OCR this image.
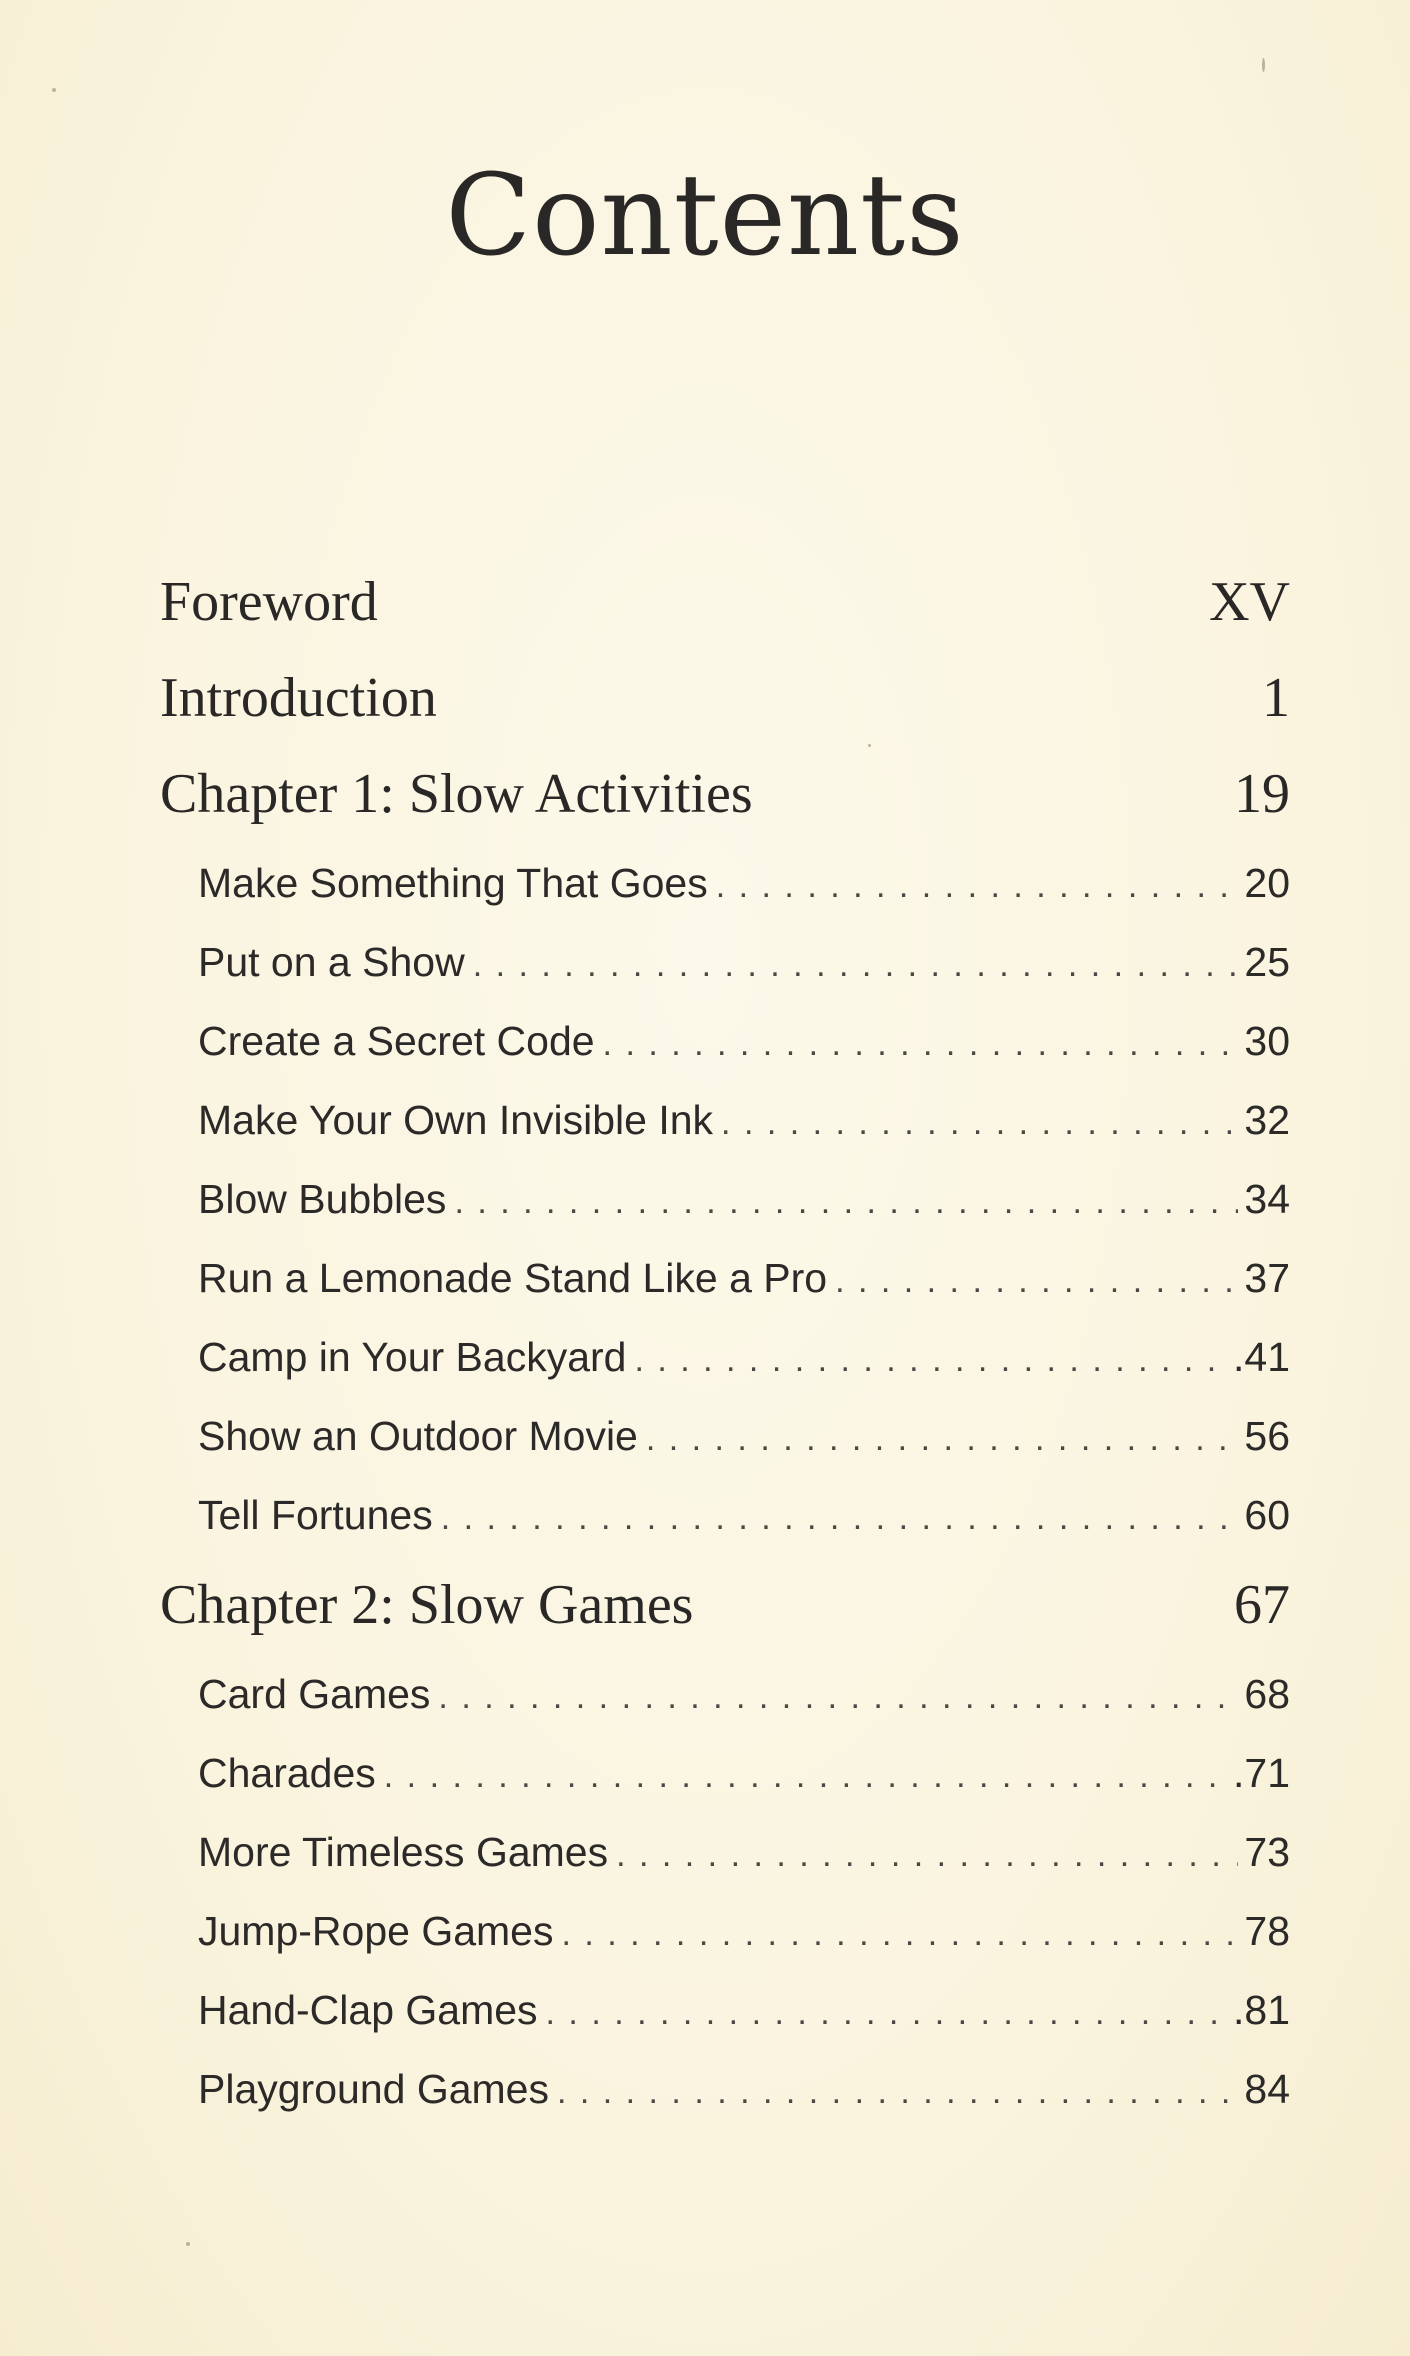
Contents
Foreword	XV
Introduction	1
Chapter 1: Slow Activities	19
Make Something That Goes . . .	20
Put on a Show . . .	25
Create a Secret Code . . .	30
Make Your Own Invisible Ink . . .	32
Blow Bubbles . . .	34
Run a Lemonade Stand Like a Pro . . .	37
Camp in Your Backyard . . .	.41
Show an Outdoor Movie . . .	56
Tell Fortunes . . .	60
Chapter 2: Slow Games	67
Card Games . . .	68
Charades . . .	.71
More Timeless Games . . .	73
Jump-Rope Games . . .	78
Hand-Clap Games . . .	.81
Playground Games . . .	84
